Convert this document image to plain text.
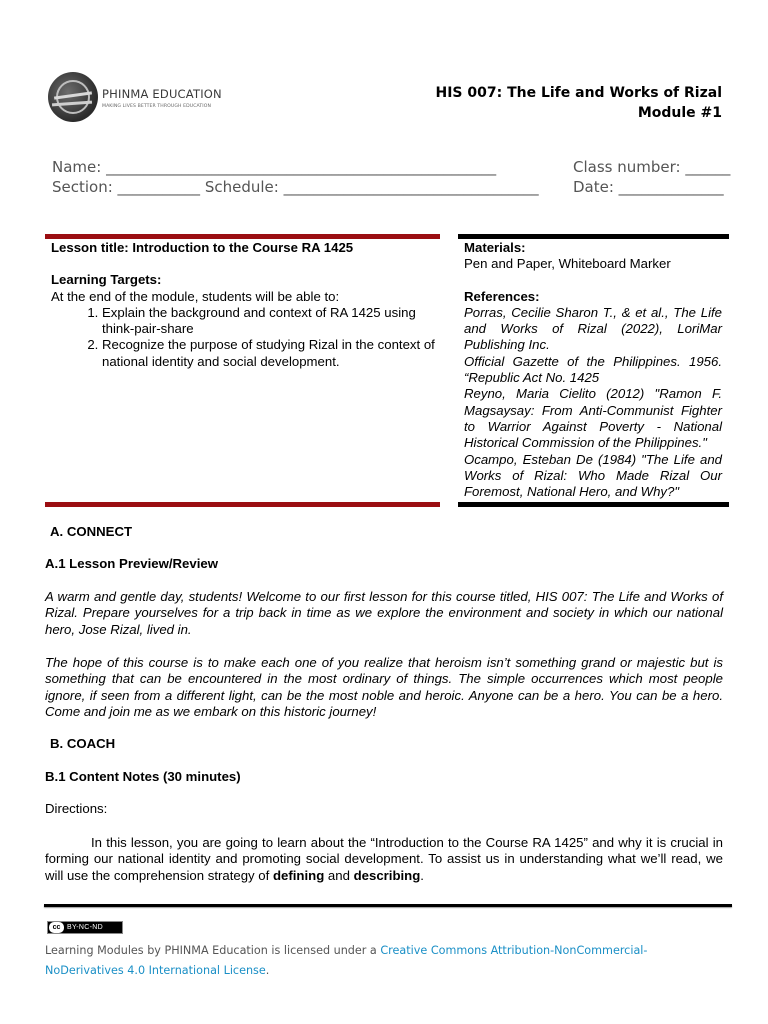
PHINMA EDUCATION
MAKING LIVES BETTER THROUGH EDUCATION
HIS 007: The Life and Works of Rizal
Module #1
Name: ____________________________________________________	Class number: ______
Section: ___________ Schedule: __________________________________ Date: ______________
Lesson title: Introduction to the Course RA 1425
Learning Targets:
At the end of the module, students will be able to:
1. Explain the background and context of RA 1425 using think-pair-share
2. Recognize the purpose of studying Rizal in the context of national identity and social development.
Materials:
Pen and Paper, Whiteboard Marker
References:
Porras, Cecilie Sharon T., & et al., The Life and Works of Rizal (2022), LoriMar Publishing Inc.
Official Gazette of the Philippines. 1956. “Republic Act No. 1425
Reyno, Maria Cielito (2012) "Ramon F. Magsaysay: From Anti-Communist Fighter to Warrior Against Poverty - National Historical Commission of the Philippines."
Ocampo, Esteban De (1984) "The Life and Works of Rizal: Who Made Rizal Our Foremost, National Hero, and Why?"
A. CONNECT
A.1 Lesson Preview/Review
A warm and gentle day, students! Welcome to our first lesson for this course titled, HIS 007: The Life and Works of Rizal. Prepare yourselves for a trip back in time as we explore the environment and society in which our national hero, Jose Rizal, lived in.
The hope of this course is to make each one of you realize that heroism isn’t something grand or majestic but is something that can be encountered in the most ordinary of things. The simple occurrences which most people ignore, if seen from a different light, can be the most noble and heroic. Anyone can be a hero. You can be a hero. Come and join me as we embark on this historic journey!
B. COACH
B.1 Content Notes (30 minutes)
Directions:
In this lesson, you are going to learn about the “Introduction to the Course RA 1425” and why it is crucial in forming our national identity and promoting social development. To assist us in understanding what we’ll read, we will use the comprehension strategy of defining and describing.
cc BY-NC-ND
Learning Modules by PHINMA Education is licensed under a Creative Commons Attribution-NonCommercial-NoDerivatives 4.0 International License.
